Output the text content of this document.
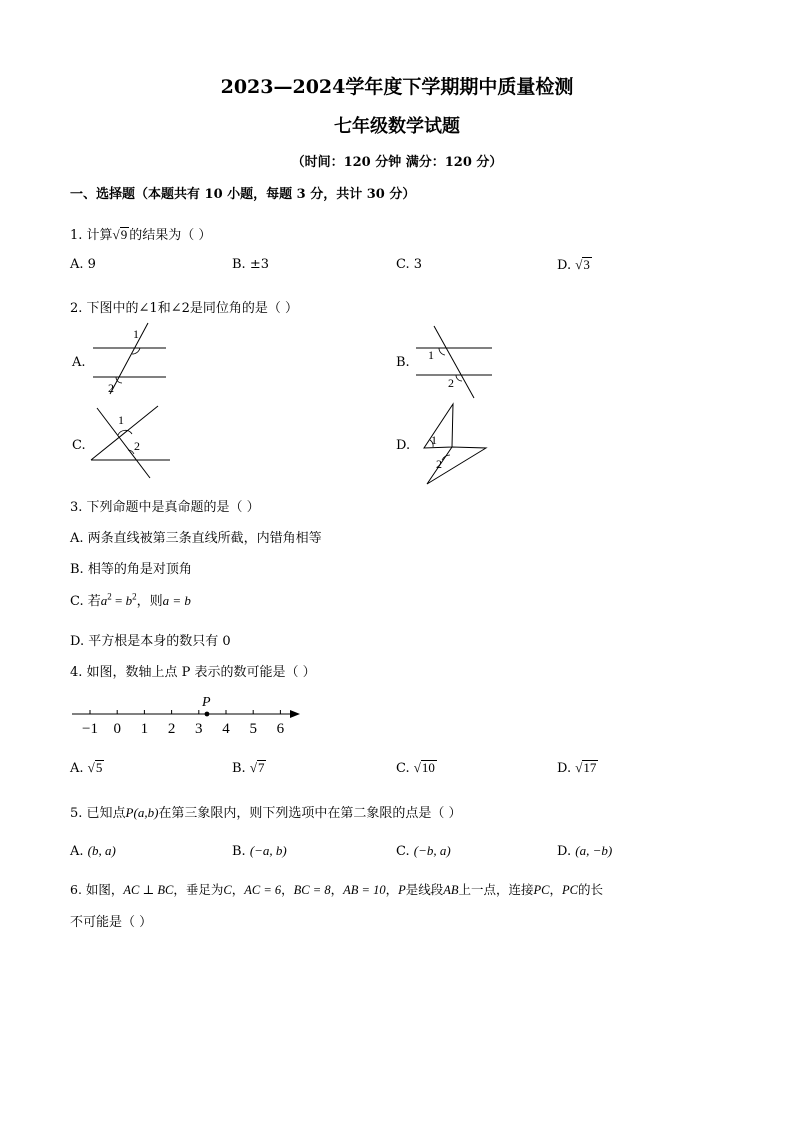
2023—2024学年度下学期期中质量检测
七年级数学试题
（时间：120 分钟 满分：120 分）
一、选择题（本题共有 10 小题，每题 3 分，共计 30 分）
1. 计算√9 的结果为（ ）
A. 9	B. ±3	C. 3	D. √3
2. 下图中的∠1和∠2是同位角的是（ ）
A.
1
2
B. 1
2
C.
1
2	D. 1
2
3. 下列命题中是真命题的是（ ）
A. 两条直线被第三条直线所截，内错角相等
B. 相等的角是对顶角
C. 若$a^2 = b^2$，则a = b
D. 平方根是本身的数只有 0
4. 如图，数轴上点 P 表示的数可能是（ ）
−1 0 1 2 3 4 5 6
P
A. √5	B. √7	C. √10	D. √17
5. 已知点P(a,b)在第三象限内，则下列选项中在第二象限的点是（ ）
A. (b, a)	B. (−a, b)	C. (−b, a)	D. (a, −b)
6. 如图，AC ⊥ BC，垂足为C，AC = 6，BC = 8，AB = 10，P是线段AB上一点，连接PC，PC的长
不可能是（ ）
